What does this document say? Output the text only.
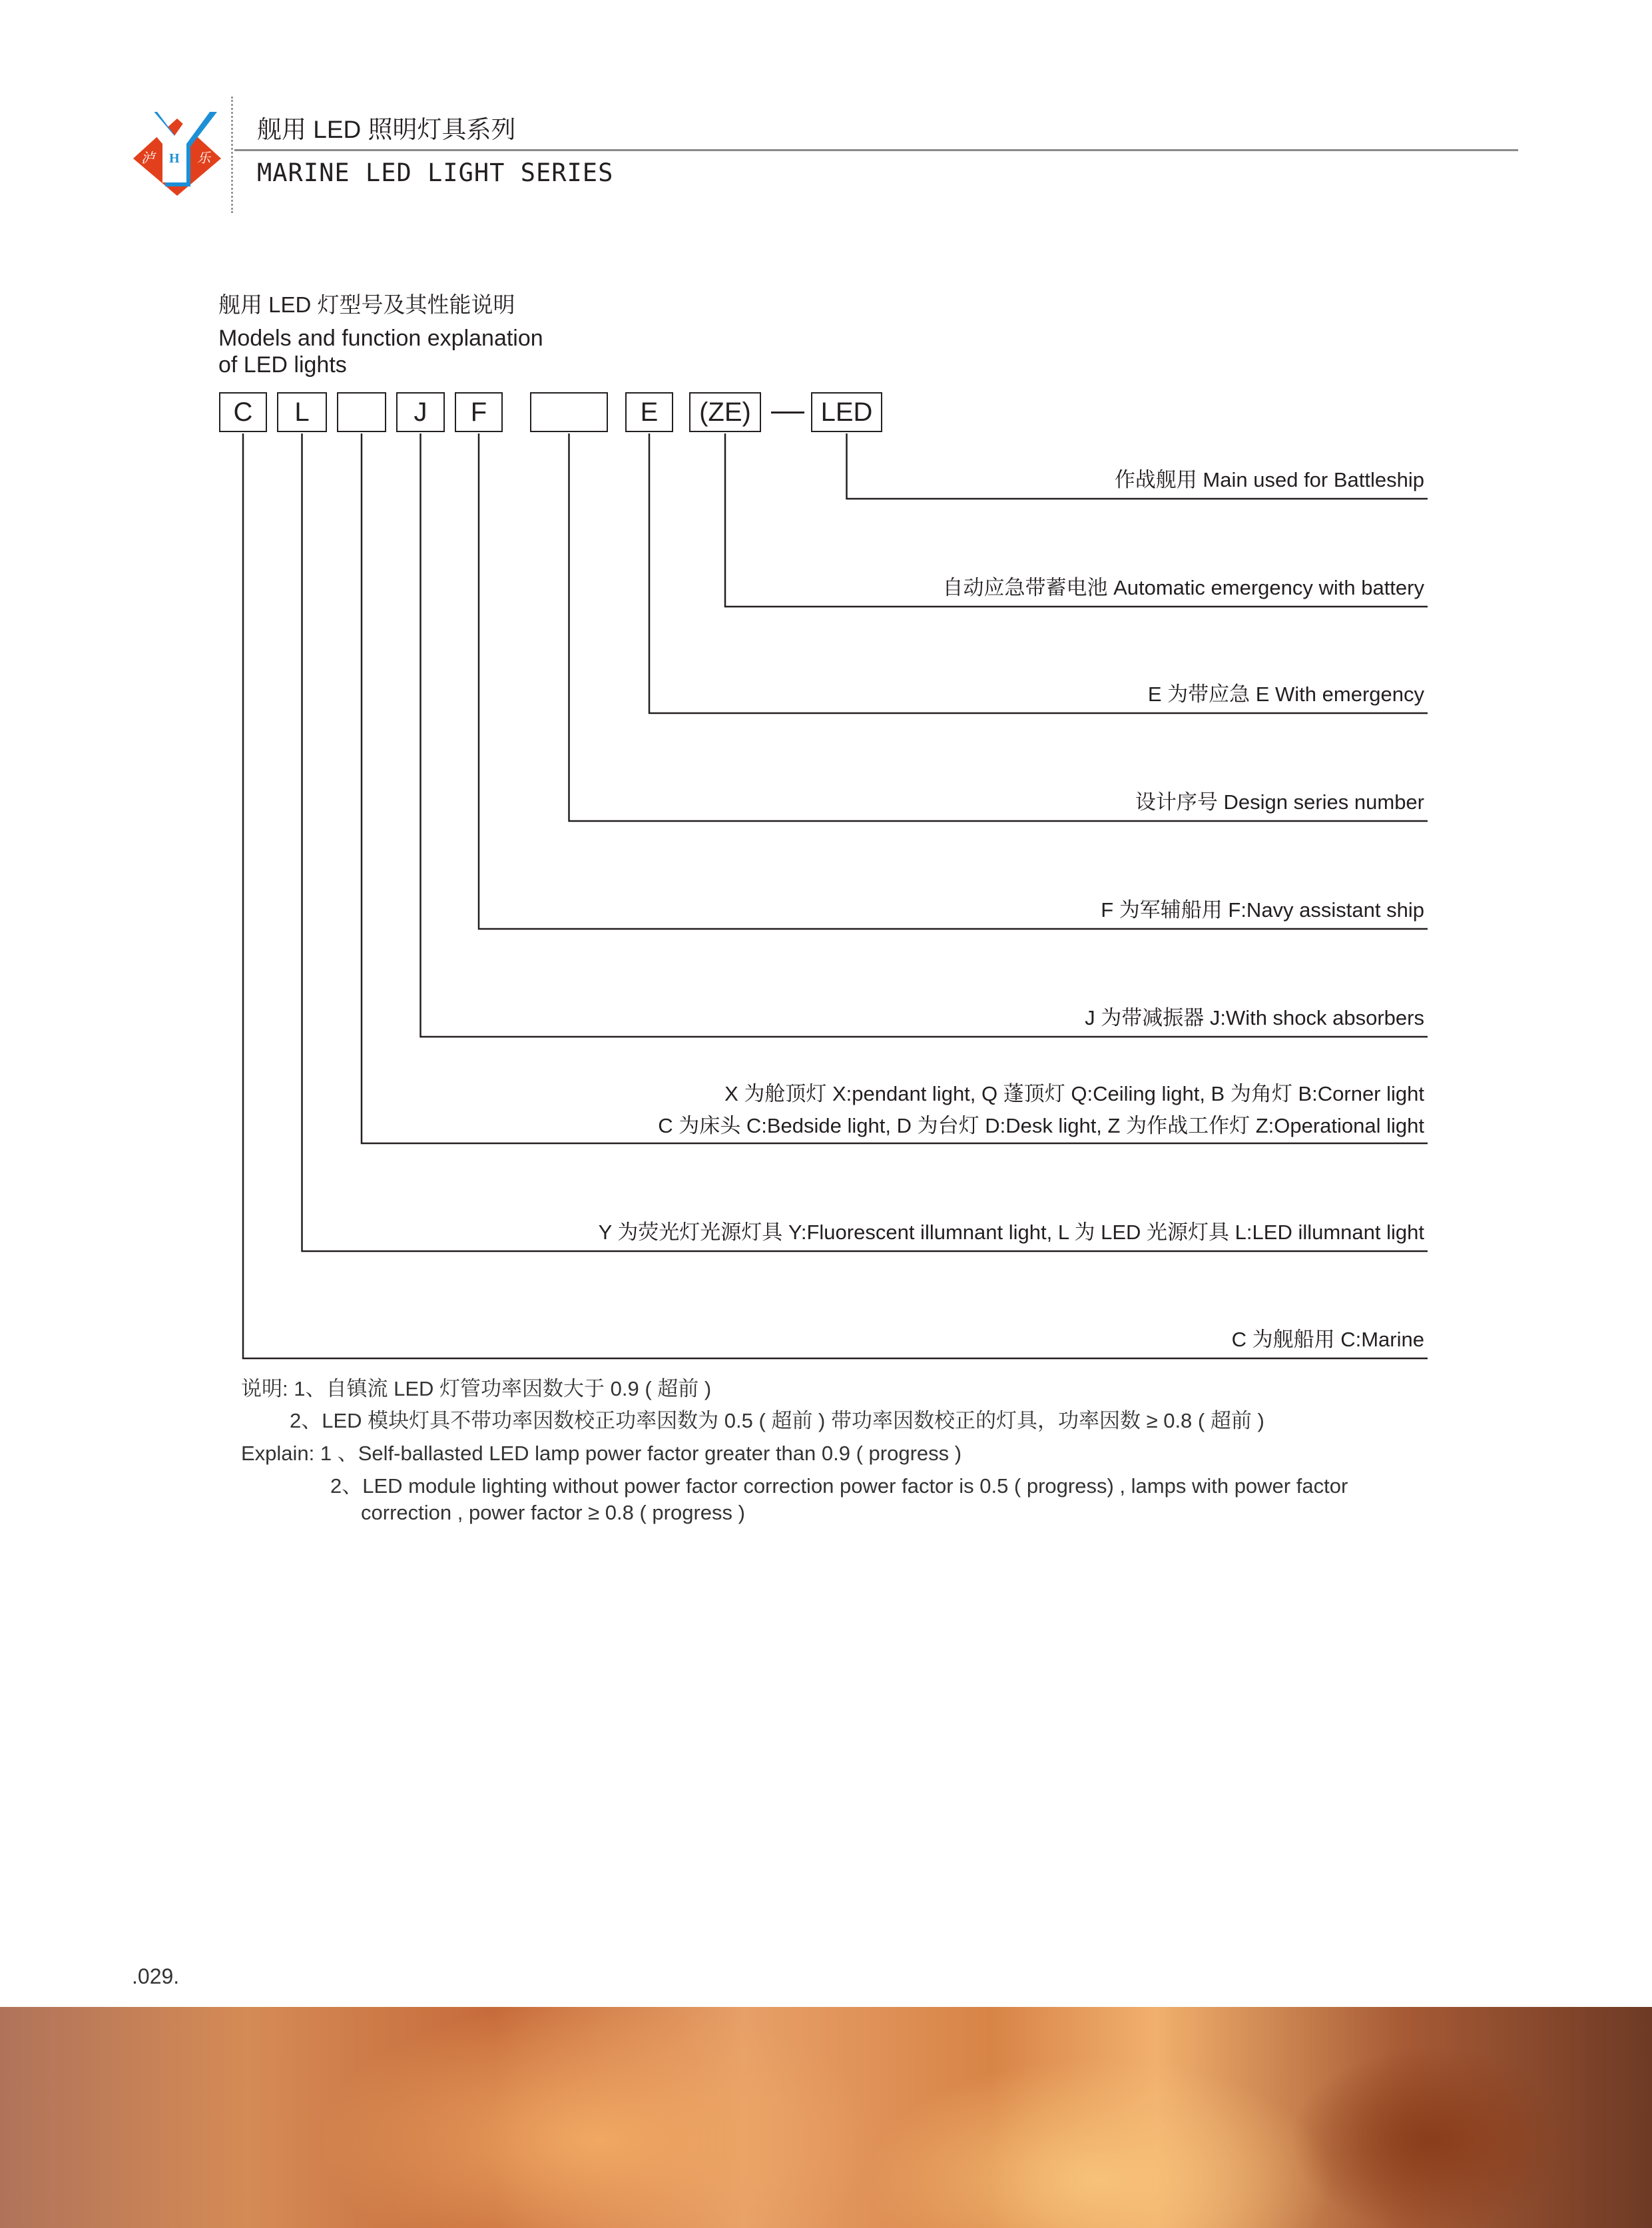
泸 H 乐
舰用 LED 照明灯具系列
MARINE LED LIGHT SERIES
舰用 LED 灯型号及其性能说明
Models and function explanation
of LED lights
C	L	J	F	E	(ZE)	LED
作战舰用 Main used for Battleship
自动应急带蓄电池 Automatic emergency with battery
E 为带应急 E With emergency
设计序号 Design series number
F 为军辅船用 F:Navy assistant ship
J 为带减振器 J:With shock absorbers
X 为舱顶灯 X:pendant light, Q 蓬顶灯 Q:Ceiling light, B 为角灯 B:Corner light
C 为床头 C:Bedside light, D 为台灯 D:Desk light, Z 为作战工作灯 Z:Operational light
Y 为荧光灯光源灯具 Y:Fluorescent illumnant light, L 为 LED 光源灯具 L:LED illumnant light
C 为舰船用 C:Marine
说明: 1、自镇流 LED 灯管功率因数大于 0.9 ( 超前 )
2、LED 模块灯具不带功率因数校正功率因数为 0.5 ( 超前 ) 带功率因数校正的灯具，功率因数 ≥ 0.8 ( 超前 )
Explain: 1 、Self-ballasted LED lamp power factor greater than 0.9 ( progress )
2、LED module lighting without power factor correction power factor is 0.5 ( progress) , lamps with power factor
correction , power factor ≥ 0.8 ( progress )
.029.
